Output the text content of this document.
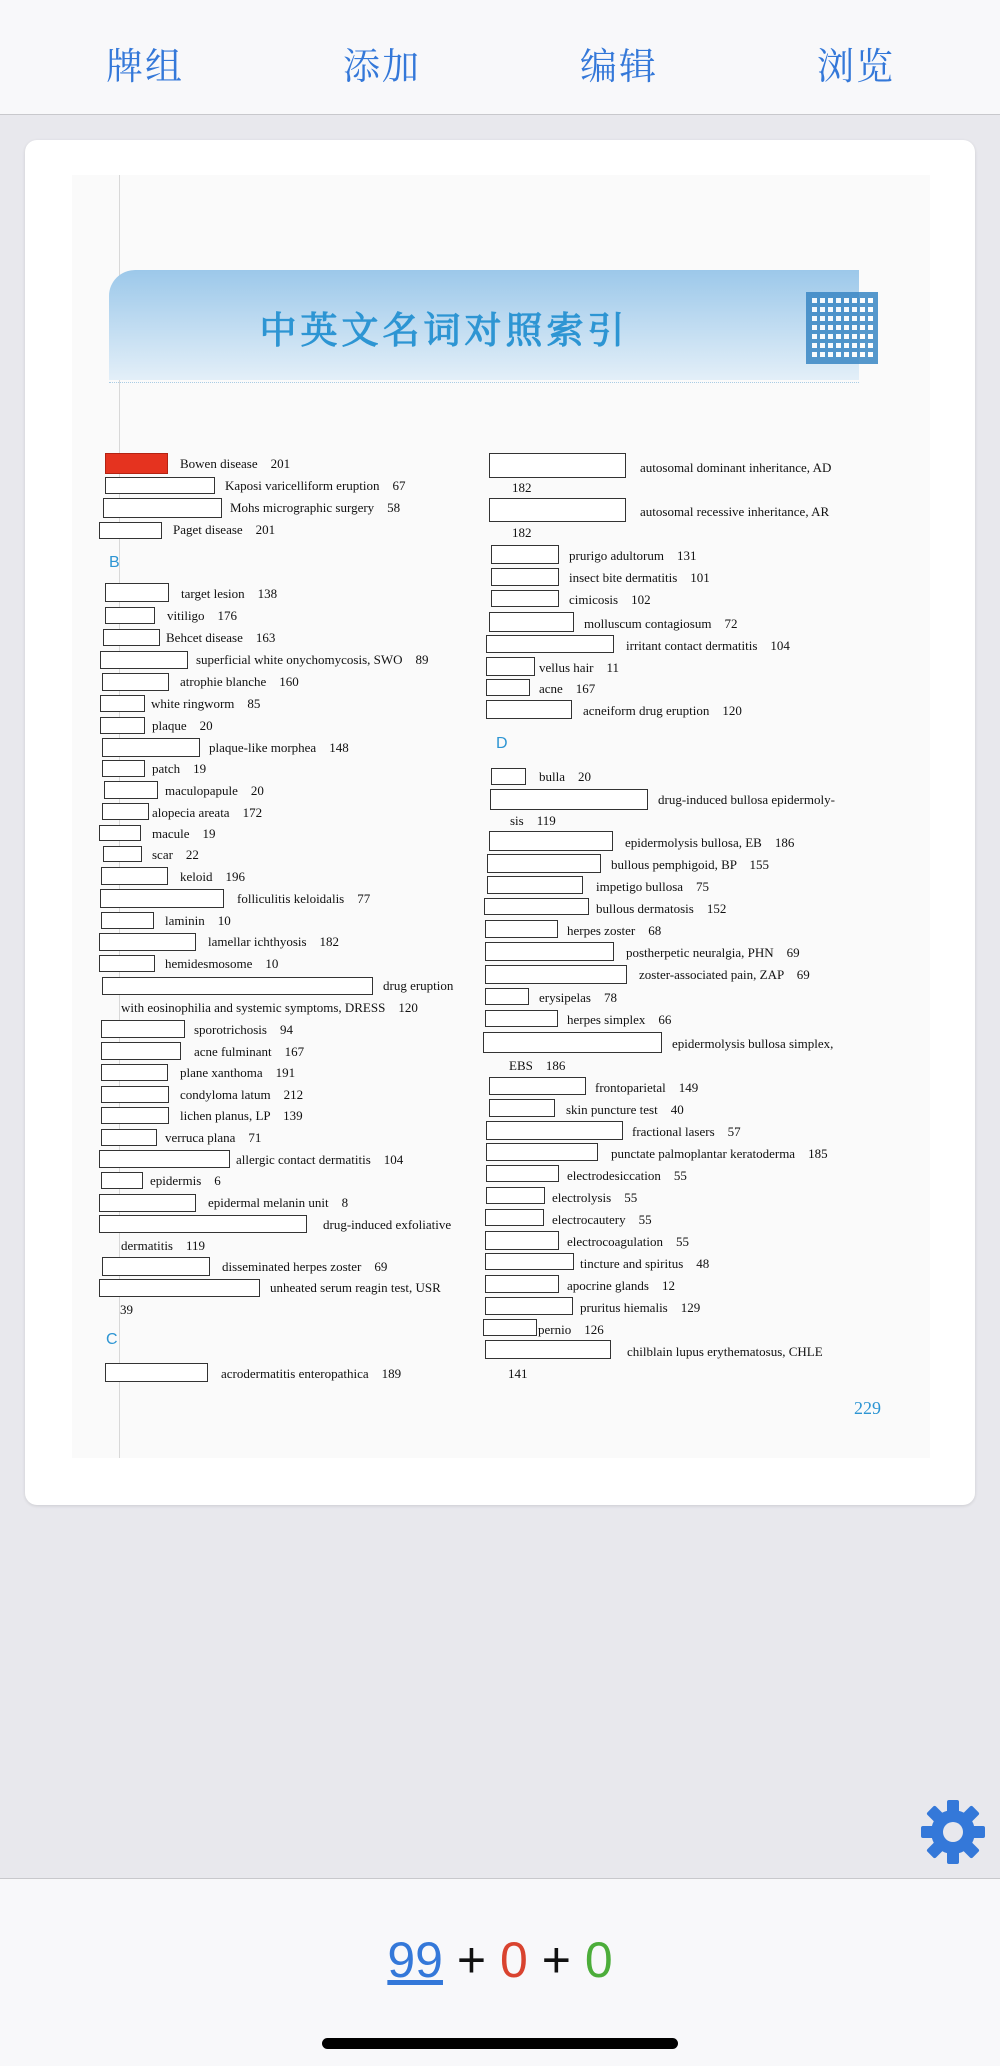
牌组	添加	编辑	浏览
中英文名词对照索引
Bowen disease　201
Kaposi varicelliform eruption　67
Mohs micrographic surgery　58
Paget disease　201
B
target lesion　138
vitiligo　176
Behcet disease　163
superficial white onychomycosis, SWO　89
atrophie blanche　160
white ringworm　85
plaque　20
plaque-like morphea　148
patch　19
maculopapule　20
alopecia areata　172
macule　19
scar　22
keloid　196
folliculitis keloidalis　77
laminin　10
lamellar ichthyosis　182
hemidesmosome　10
drug eruption
with eosinophilia and systemic symptoms, DRESS　120
sporotrichosis　94
acne fulminant　167
plane xanthoma　191
condyloma latum　212
lichen planus, LP　139
verruca plana　71
allergic contact dermatitis　104
epidermis　6
epidermal melanin unit　8
drug-induced exfoliative
dermatitis　119
disseminated herpes zoster　69
unheated serum reagin test, USR
39
C
acrodermatitis enteropathica　189
autosomal dominant inheritance, AD
182
autosomal recessive inheritance, AR
182
prurigo adultorum　131
insect bite dermatitis　101
cimicosis　102
molluscum contagiosum　72
irritant contact dermatitis　104
vellus hair　11
acne　167
acneiform drug eruption　120
D
bulla　20
drug-induced bullosa epidermoly-
sis　119
epidermolysis bullosa, EB　186
bullous pemphigoid, BP　155
impetigo bullosa　75
bullous dermatosis　152
herpes zoster　68
postherpetic neuralgia, PHN　69
zoster-associated pain, ZAP　69
erysipelas　78
herpes simplex　66
epidermolysis bullosa simplex,
EBS　186
frontoparietal　149
skin puncture test　40
fractional lasers　57
punctate palmoplantar keratoderma　185
electrodesiccation　55
electrolysis　55
electrocautery　55
electrocoagulation　55
tincture and spiritus　48
apocrine glands　12
pruritus hiemalis　129
pernio　126
chilblain lupus erythematosus, CHLE
141
229
99 + 0 + 0
